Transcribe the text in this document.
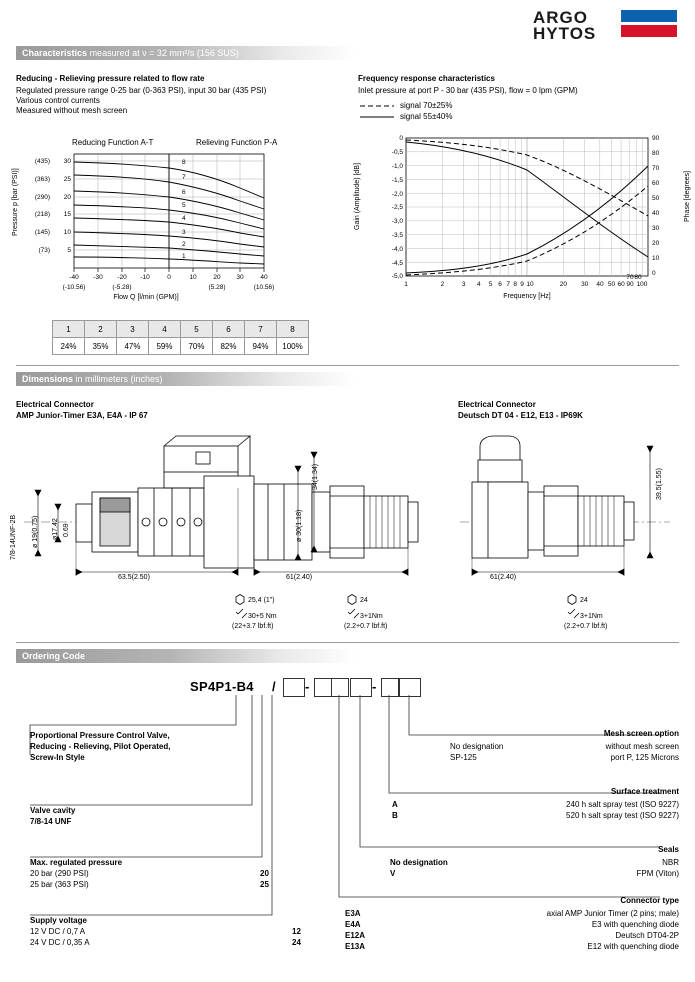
ARGO
HYTOS
Characteristics measured at ν = 32 mm²/s (156 SUS)
Reducing - Relieving pressure related to flow rate
Regulated pressure range 0-25 bar (0-363 PSI), input 30 bar (435 PSI)
Various control currents
Measured without mesh screen
Frequency response characteristics
Inlet pressure at port P - 30 bar (435 PSI), flow = 0 lpm (GPM)
signal 70±25%
signal 55±40%
Reducing Function A-T	Relieving Function P-A
8
7
6
5
4
3
2
1
30
25
20
15
10
5
(435)
(363)
(290)
(218)
(145)
(73)
-40 -30 -20 -10	0	10	20 30	40
(-10.56)	(-5.28)	(5.28)	(10.56)
Flow Q [l/min (GPM)]
Pressure p [bar (PSI)]
0
-0,5
-1,0
-1,5
-2,0
-2,5
-3,0
-3,5
-4,0
-4,5
-5,0
90
80
70
60
50
40
30
20
10
0
1	2	3 4 5 6 7 8 9 10	20 30 40 50 60
70 80
90 100
Frequency [Hz]
Gain (Amplitude) [dB]	Phase [degrees]
1	2	3	4	5	6	7	8
24%	35%	47%	59%	70%	82%	94%	100%
Dimensions in millimeters (inches)
Electrical Connector
AMP Junior-Timer E3A, E4A - IP 67
Electrical Connector
Deutsch DT 04 - E12, E13 - IP69K
7/8-14UNF-2B ø 19(0.75) ø17.42 0.69
34(1.34)
ø 30(1.18)
63.5(2.50)	61(2.40)
25,4 (1")	24
30+5 Nm
(22+3.7 lbf.ft)
3+1Nm
(2.2+0.7 lbf.ft)
39.5(1.55)
61(2.40)
24
3+1Nm
(2.2+0.7 lbf.ft)
Ordering Code
SP4P1-B4 / -	-
Proportional Pressure Control Valve,
Reducing - Relieving, Pilot Operated,
Screw-In Style
Valve cavity
7/8-14 UNF
Max. regulated pressure
20 bar (290 PSI)
25 bar (363 PSI)
20
25
Supply voltage
12 V DC / 0,7 A
24 V DC / 0,35 A
12
24
Mesh screen option
No designation	without mesh screen
SP-125	port P, 125 Microns
Surface treatment
A	240 h salt spray test (ISO 9227)
B	520 h salt spray test (ISO 9227)
Seals
No designation	NBR
V	FPM (Viton)
Connector type
E3A	axial AMP Junior Timer (2 pins; male)
E4A	E3 with quenching diode
E12A	Deutsch DT04-2P
E13A	E12 with quenching diode
